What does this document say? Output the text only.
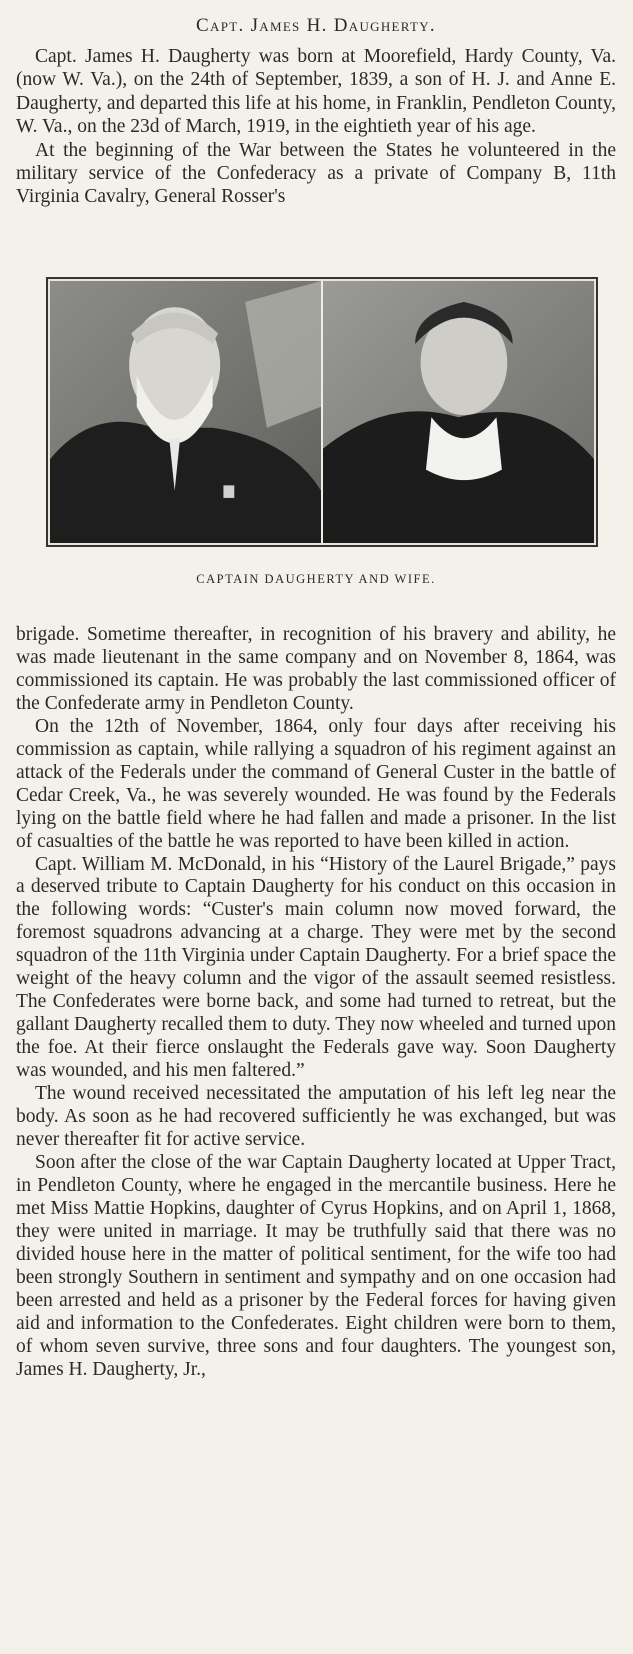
Capt. James H. Daugherty.

Capt. James H. Daugherty was born at Moorefield, Hardy County, Va. (now W. Va.), on the 24th of September, 1839, a son of H. J. and Anne E. Daugherty, and departed this life at his home, in Franklin, Pendleton County, W. Va., on the 23d of March, 1919, in the eightieth year of his age.

At the beginning of the War between the States he volunteered in the military service of the Confederacy as a private of Company B, 11th Virginia Cavalry, General Rosser's

CAPTAIN DAUGHERTY AND WIFE.

brigade. Sometime thereafter, in recognition of his bravery and ability, he was made lieutenant in the same company and on November 8, 1864, was commissioned its captain. He was probably the last commissioned officer of the Confederate army in Pendleton County.

On the 12th of November, 1864, only four days after receiving his commission as captain, while rallying a squadron of his regiment against an attack of the Federals under the command of General Custer in the battle of Cedar Creek, Va., he was severely wounded. He was found by the Federals lying on the battle field where he had fallen and made a prisoner. In the list of casualties of the battle he was reported to have been killed in action.

Capt. William M. McDonald, in his “History of the Laurel Brigade,” pays a deserved tribute to Captain Daugherty for his conduct on this occasion in the following words: “Custer's main column now moved forward, the foremost squadrons advancing at a charge. They were met by the second squadron of the 11th Virginia under Captain Daugherty. For a brief space the weight of the heavy column and the vigor of the assault seemed resistless. The Confederates were borne back, and some had turned to retreat, but the gallant Daugherty recalled them to duty. They now wheeled and turned upon the foe. At their fierce onslaught the Federals gave way. Soon Daugherty was wounded, and his men faltered.”

The wound received necessitated the amputation of his left leg near the body. As soon as he had recovered sufficiently he was exchanged, but was never thereafter fit for active service.

Soon after the close of the war Captain Daugherty located at Upper Tract, in Pendleton County, where he engaged in the mercantile business. Here he met Miss Mattie Hopkins, daughter of Cyrus Hopkins, and on April 1, 1868, they were united in marriage. It may be truthfully said that there was no divided house here in the matter of political sentiment, for the wife too had been strongly Southern in sentiment and sympathy and on one occasion had been arrested and held as a prisoner by the Federal forces for having given aid and information to the Confederates. Eight children were born to them, of whom seven survive, three sons and four daughters. The youngest son, James H. Daugherty, Jr.,
